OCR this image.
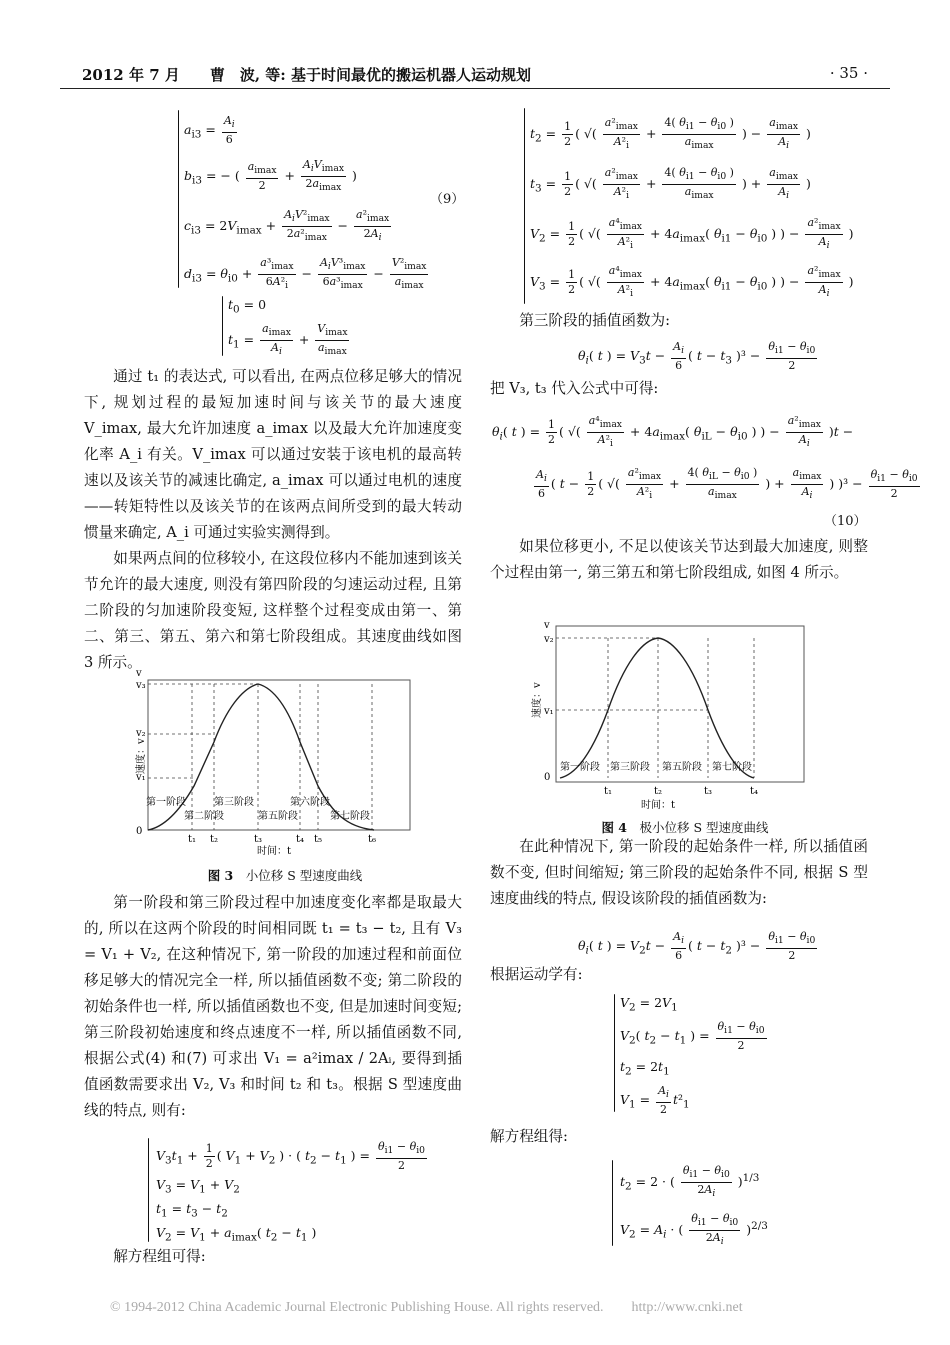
2012 年 7 月　　曹　波, 等: 基于时间最优的搬运机器人运动规划	· 35 ·
$a_{i3} = \frac{A_i}{6}$
$b_{i3}$ = − ( $\frac{a_{imax}}{2} + \frac{A_iV_{imax}}{2a_{imax}}$ )
$c_{i3} = 2V_{imax} + \frac{A_iV^2_{imax}}{2a^2_{imax}} - \frac{a^2_{imax}}{2A_i}$
$d_{i3} = \theta_{i0} + \frac{a^3_{imax}}{6A^2_i} - \frac{A_iV^3_{imax}}{6a^3_{imax}} - \frac{V^2_{imax}}{a_{imax}}$
（9）
$t_0 = 0$
$t_1 = \frac{a_{imax}}{A_i} + \frac{V_{imax}}{a_{imax}}$

通过 t₁ 的表达式, 可以看出, 在两点位移足够大的情况下, 规划过程的最短加速时间与该关节的最大速度 V_imax, 最大允许加速度 a_imax 以及最大允许加速度变化率 A_i 有关。V_imax 可以通过安装于该电机的最高转速以及该关节的减速比确定, a_imax 可以通过电机的速度——转矩特性以及该关节的在该两点间所受到的最大转动惯量来确定, A_i 可通过实验实测得到。

如果两点间的位移较小, 在这段位移内不能加速到该关节允许的最大速度, 则没有第四阶段的匀速运动过程, 且第二阶段的匀加速阶段变短, 这样整个过程变成由第一、第二、第三、第五、第六和第七阶段组成。其速度曲线如图 3 所示。

v
v₃
v₂
v₁
0
t₁ t₂	t₃	t₄ t₅	t₆
第一阶段	第三阶段	第六阶段
第二阶段	第五阶段	第七阶段
速度：v
时间：t
图 3　 小位移 S 型速度曲线

第一阶段和第三阶段过程中加速度变化率都是取最大的, 所以在这两个阶段的时间相同既 t₁ = t₃ − t₂, 且有 V₃ = V₁ + V₂, 在这种情况下, 第一阶段的加速过程和前面位移足够大的情况完全一样, 所以插值函数不变; 第二阶段的初始条件也一样, 所以插值函数也不变, 但是加速时间变短; 第三阶段初始速度和终点速度不一样, 所以插值函数不同, 根据公式(4) 和(7) 可求出 V₁ = a²imax / 2Aᵢ, 要得到插值函数需要求出 V₂, V₃ 和时间 t₂ 和 t₃。根据 S 型速度曲线的特点, 则有:

$V_3t_1 + \frac{1}{2}$ ( $V_1 + V_2$ ) · ( $t_2 - t_1$ ) = $\frac{\theta_{i1} - \theta_{i0}}{2}$
$V_3 = V_1 + V_2$
$t_1 = t_3 - t_2$
$V_2 = V_1 + a_{imax}$( $t_2 - t_1$ )

解方程组可得:

$t_2 = \frac{1}{2}$ ( √( $\frac{a^2_{imax}}{A^2_i} + \frac{4( \theta_{i1} - \theta_{i0} )}{a_{imax}}$ ) − $\frac{a_{imax}}{A_i}$ )
$t_3 = \frac{1}{2}$ ( √( $\frac{a^2_{imax}}{A^2_i} + \frac{4( \theta_{i1} - \theta_{i0} )}{a_{imax}}$ ) + $\frac{a_{imax}}{A_i}$ )
$V_2 = \frac{1}{2}$ ( √( $\frac{a^4_{imax}}{A^2_i} + 4a_{imax}$( $\theta_{i1} - \theta_{i0}$ ) ) − $\frac{a^2_{imax}}{A_i}$ )
$V_3 = \frac{1}{2}$ ( √( $\frac{a^4_{imax}}{A^2_i} + 4a_{imax}$( $\theta_{i1} - \theta_{i0}$ ) ) − $\frac{a^2_{imax}}{A_i}$ )

第三阶段的插值函数为:

$\theta_i$( t ) = $V_3t - \frac{A_i}{6}$ ( $t - t_3$ )$^3 - \frac{\theta_{i1} - \theta_{i0}}{2}$

把 V₃, t₃ 代入公式中可得:

$\theta_i$( t ) = $\frac{1}{2}$ ( √( $\frac{a^4_{imax}}{A^2_i} + 4a_{imax}$( $\theta_{iL} - \theta_{i0}$ ) ) − $\frac{a^2_{imax}}{A_i} )t$ −
$\frac{A_i}{6}$ ( $t - \frac{1}{2}$ ( √( $\frac{a^2_{imax}}{A^2_i} + \frac{4( \theta_{iL} - \theta_{i0} )}{a_{imax}}$ ) + $\frac{a_{imax}}{A_i}$ ) )$^3 - \frac{\theta_{i1} - \theta_{i0}}{2}$
（10）

如果位移更小, 不足以使该关节达到最大加速度, 则整个过程由第一, 第三第五和第七阶段组成, 如图 4 所示。

v
v₂
v₁
0
t₁	t₂	t₃	t₄
第一阶段 第三阶段 第五阶段 第七阶段
速度：v
时间：t
图 4　 极小位移 S 型速度曲线

在此种情况下, 第一阶段的起始条件一样, 所以插值函数不变, 但时间缩短; 第三阶段的起始条件不同, 根据 S 型速度曲线的特点, 假设该阶段的插值函数为:

$\theta_i$( t ) = $V_2t - \frac{A_i}{6}$ ( $t - t_2$ )$^3 - \frac{\theta_{i1} - \theta_{i0}}{2}$

根据运动学有:

$V_2 = 2V_1$
$V_2$( $t_2 - t_1$ ) = $\frac{\theta_{i1} - \theta_{i0}}{2}$
$t_2 = 2t_1$
$V_1 = \frac{A_i}{2} t^2_1$

解方程组得:

$t_2 = 2$ · ( $\frac{\theta_{i1} - \theta_{i0}}{2A_i} )^{1/3}$
$V_2 = A_i$ · ( $\frac{\theta_{i1} - \theta_{i0}}{2A_i} )^{2/3}$
© 1994-2012 China Academic Journal Electronic Publishing House. All rights reserved.　　http://www.cnki.net
